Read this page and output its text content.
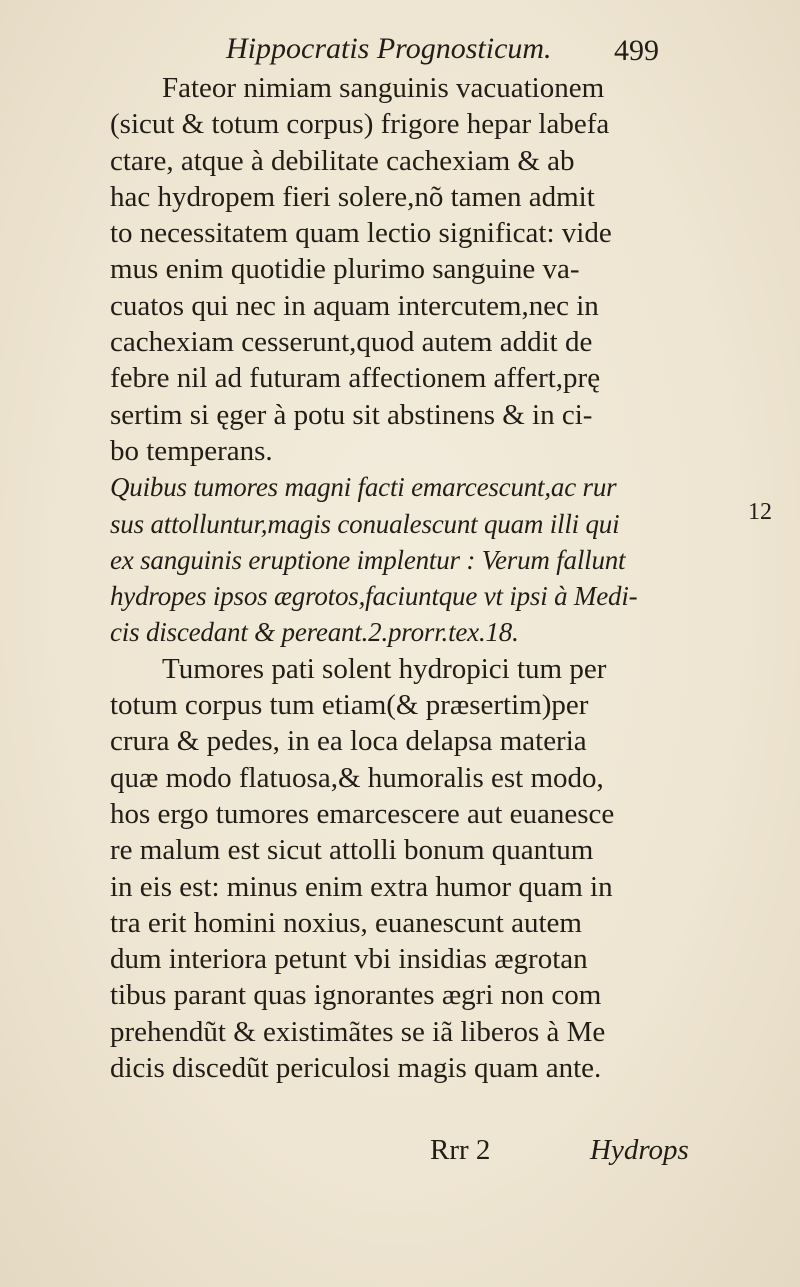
Hippocratis Prognosticum. 499
Fateor nimiam sanguinis vacuationem
(sicut & totum corpus) frigore hepar labefa
ctare, atque à debilitate cachexiam & ab
hac hydropem fieri solere,nõ tamen admit
to necessitatem quam lectio significat: vide
mus enim quotidie plurimo sanguine va-
cuatos qui nec in aquam intercutem,nec in
cachexiam cesserunt,quod autem addit de
febre nil ad futuram affectionem affert,prę
sertim si ęger à potu sit abstinens & in ci-
bo temperans.
Quibus tumores magni facti emarcescunt,ac rur
sus attolluntur,magis conualescunt quam illi qui
ex sanguinis eruptione implentur : Verum fallunt
hydropes ipsos ægrotos,faciuntque vt ipsi à Medi-
cis discedant & pereant.2.prorr.tex.18.
Tumores pati solent hydropici tum per
totum corpus tum etiam(& præsertim)per
crura & pedes, in ea loca delapsa materia
quæ modo flatuosa,& humoralis est modo,
hos ergo tumores emarcescere aut euanesce
re malum est sicut attolli bonum quantum
in eis est: minus enim extra humor quam in
tra erit homini noxius, euanescunt autem
dum interiora petunt vbi insidias ægrotan
tibus parant quas ignorantes ægri non com
prehendũt & existimãtes se iã liberos à Me
dicis discedũt periculosi magis quam ante.
12
Rrr 2	Hydrops
